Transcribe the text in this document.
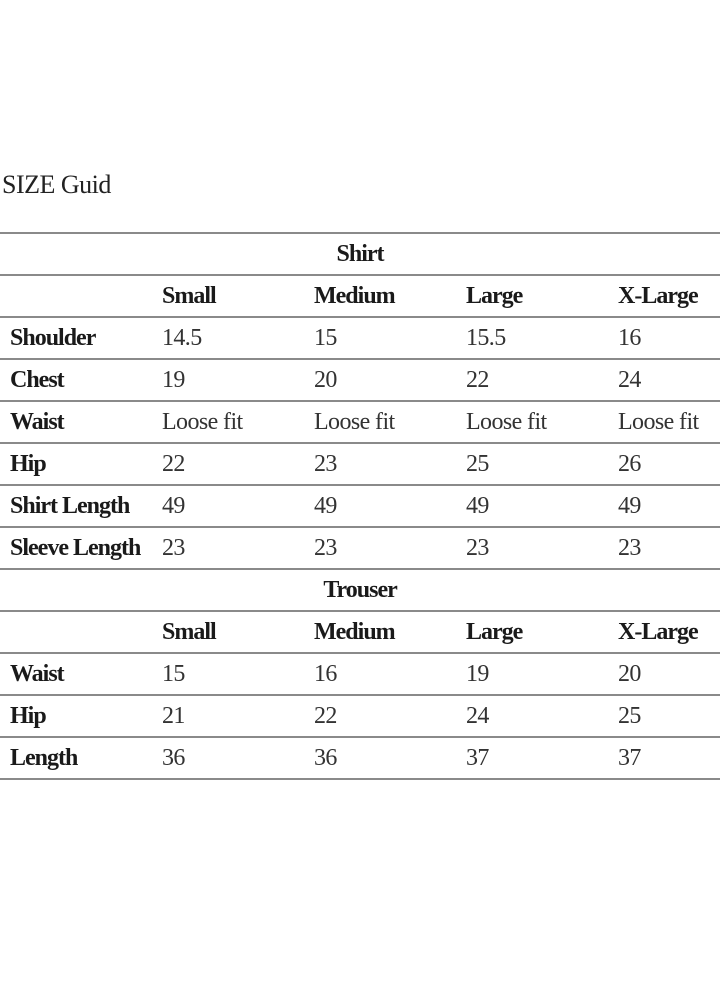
SIZE Guid
Shirt				
	Small	Medium	Large	X-Large
Shoulder	14.5	15	15.5	16
Chest	19	20	22	24
Waist	Loose fit	Loose fit	Loose fit	Loose fit
Hip	22	23	25	26
Shirt Length	49	49	49	49
Sleeve Length	23	23	23	23
Trouser				
	Small	Medium	Large	X-Large
Waist	15	16	19	20
Hip	21	22	24	25
Length	36	36	37	37
